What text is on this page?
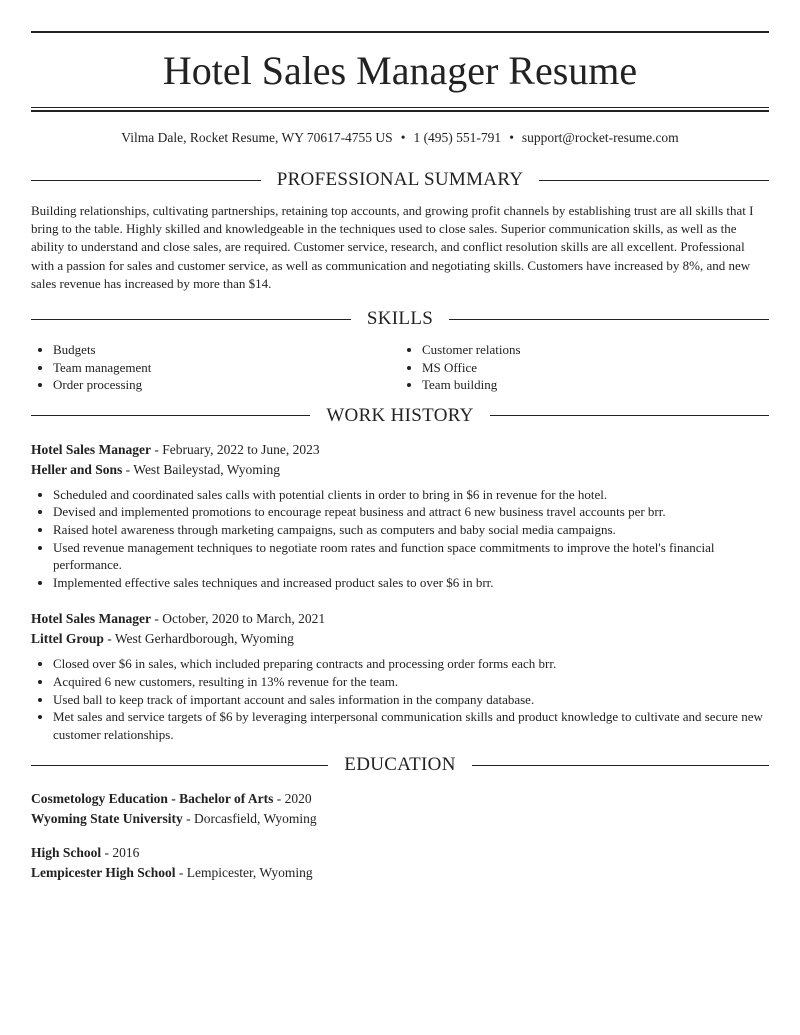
Hotel Sales Manager Resume
Vilma Dale, Rocket Resume, WY 70617-4755 US • 1 (495) 551-791 • support@rocket-resume.com
PROFESSIONAL SUMMARY

Building relationships, cultivating partnerships, retaining top accounts, and growing profit channels by establishing trust are all skills that I bring to the table. Highly skilled and knowledgeable in the techniques used to close sales. Superior communication skills, as well as the ability to understand and close sales, are required. Customer service, research, and conflict resolution skills are all excellent. Professional with a passion for sales and customer service, as well as communication and negotiating skills. Customers have increased by 8%, and new sales revenue has increased by more than $14.

SKILLS
• Budgets
• Team management
• Order processing
• Customer relations
• MS Office
• Team building
WORK HISTORY
Hotel Sales Manager - February, 2022 to June, 2023
Heller and Sons - West Baileystad, Wyoming
• Scheduled and coordinated sales calls with potential clients in order to bring in $6 in revenue for the hotel.
• Devised and implemented promotions to encourage repeat business and attract 6 new business travel accounts per brr.
• Raised hotel awareness through marketing campaigns, such as computers and baby social media campaigns.
• Used revenue management techniques to negotiate room rates and function space commitments to improve the hotel's financial performance.
• Implemented effective sales techniques and increased product sales to over $6 in brr.
Hotel Sales Manager - October, 2020 to March, 2021
Littel Group - West Gerhardborough, Wyoming
• Closed over $6 in sales, which included preparing contracts and processing order forms each brr.
• Acquired 6 new customers, resulting in 13% revenue for the team.
• Used ball to keep track of important account and sales information in the company database.
• Met sales and service targets of $6 by leveraging interpersonal communication skills and product knowledge to cultivate and secure new customer relationships.
EDUCATION
Cosmetology Education - Bachelor of Arts - 2020
Wyoming State University - Dorcasfield, Wyoming
High School - 2016
Lempicester High School - Lempicester, Wyoming
